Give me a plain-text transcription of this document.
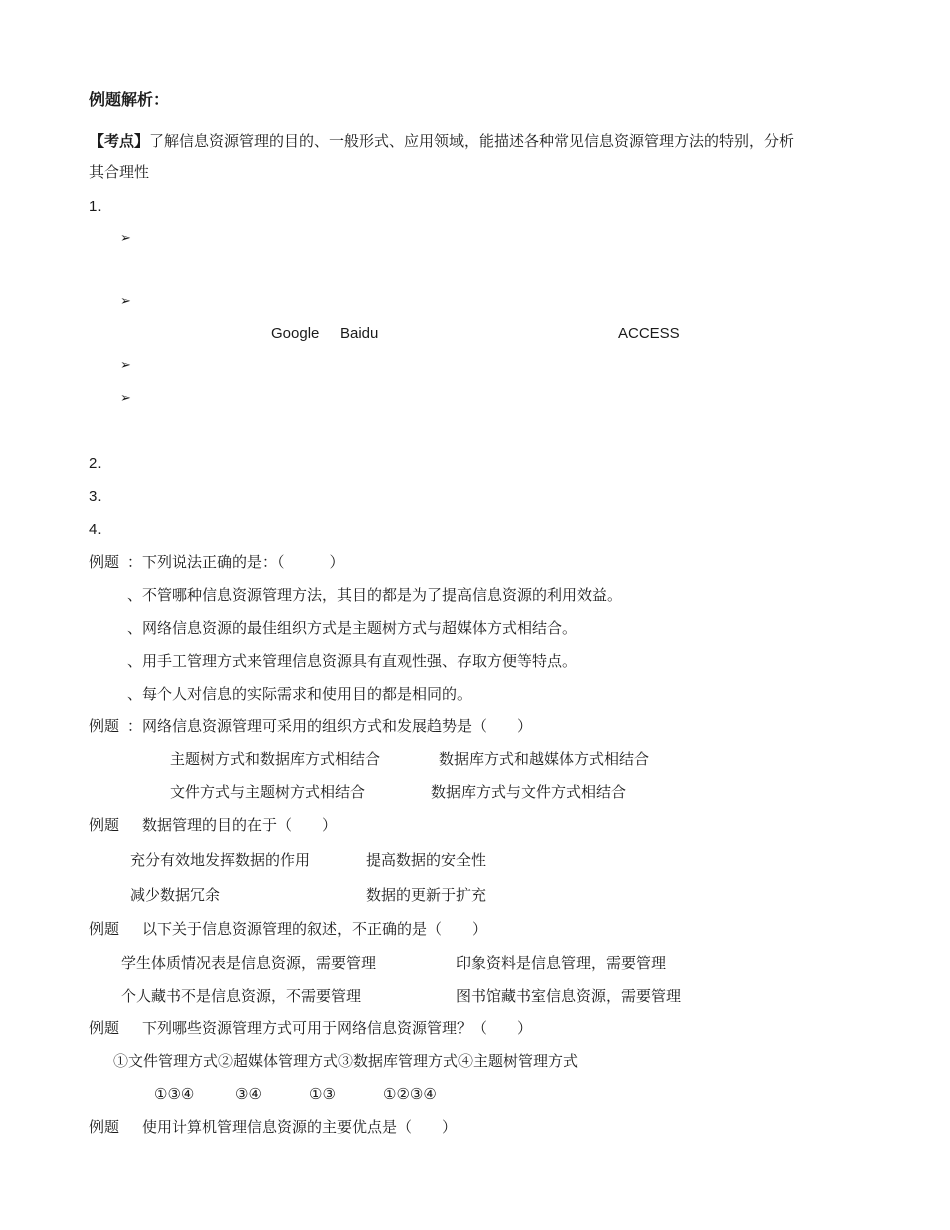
例题解析：
【考点】了解信息资源管理的目的、一般形式、应用领域，能描述各种常见信息资源管理方法的特别，分析
其合理性
1.
➢
➢
Google Baidu	ACCESS
➢
➢
2.
3.
4.
例题 ：下列说法正确的是：（　　　）
、不管哪种信息资源管理方法，其目的都是为了提高信息资源的利用效益。
、网络信息资源的最佳组织方式是主题树方式与超媒体方式相结合。
、用手工管理方式来管理信息资源具有直观性强、存取方便等特点。
、每个人对信息的实际需求和使用目的都是相同的。
例题 ：网络信息资源管理可采用的组织方式和发展趋势是（　　）
主题树方式和数据库方式相结合	数据库方式和越媒体方式相结合
文件方式与主题树方式相结合	数据库方式与文件方式相结合
例题 数据管理的目的在于（　　）
充分有效地发挥数据的作用	提高数据的安全性
减少数据冗余	数据的更新于扩充
例题 以下关于信息资源管理的叙述，不正确的是（　　）
学生体质情况表是信息资源，需要管理	印象资料是信息管理，需要管理
个人藏书不是信息资源，不需要管理	图书馆藏书室信息资源，需要管理
例题 下列哪些资源管理方式可用于网络信息资源管理？（　　）
①文件管理方式②超媒体管理方式③数据库管理方式④主题树管理方式
①③④	③④	①③	①②③④
例题 使用计算机管理信息资源的主要优点是（　　）
